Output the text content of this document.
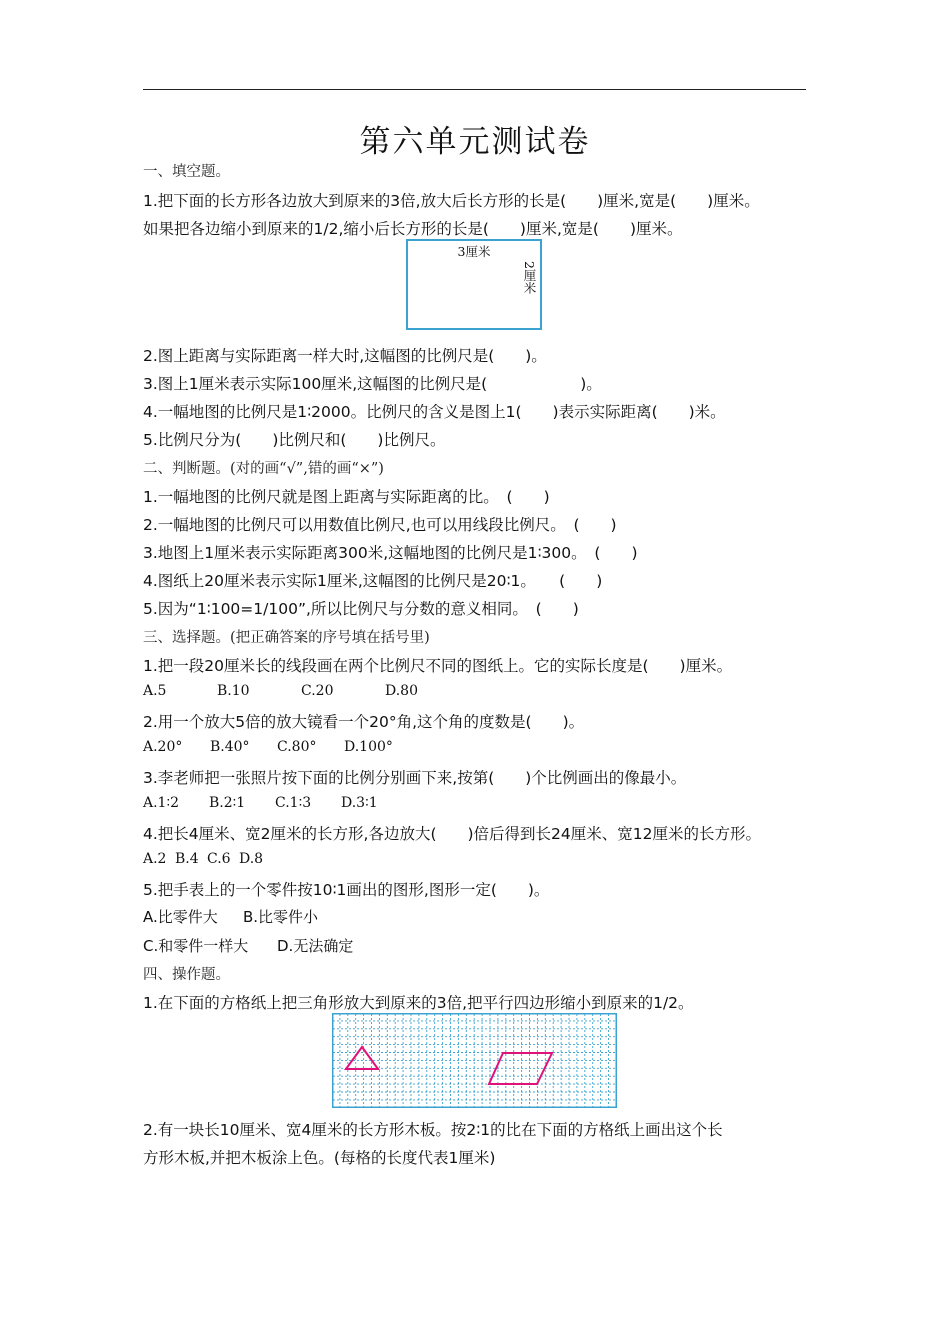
第六单元测试卷
一、填空题。
1.把下面的长方形各边放大到原来的3倍,放大后长方形的长是(　　)厘米,宽是(　　)厘米。
如果把各边缩小到原来的1/2,缩小后长方形的长是(　　)厘米,宽是(　　)厘米。
3厘米
2厘米
2.图上距离与实际距离一样大时,这幅图的比例尺是(　　)。
3.图上1厘米表示实际100厘米,这幅图的比例尺是(　　　　　　)。
4.一幅地图的比例尺是1∶2000。比例尺的含义是图上1(　　)表示实际距离(　　)米。
5.比例尺分为(　　)比例尺和(　　)比例尺。
二、判断题。(对的画“√”,错的画“×”)
1.一幅地图的比例尺就是图上距离与实际距离的比。　(　　)
2.一幅地图的比例尺可以用数值比例尺,也可以用线段比例尺。　(　　)
3.地图上1厘米表示实际距离300米,这幅地图的比例尺是1∶300。　(　　)
4.图纸上20厘米表示实际1厘米,这幅图的比例尺是20∶1。　　(　　)
5.因为“1∶100=1/100”,所以比例尺与分数的意义相同。　(　　)
三、选择题。(把正确答案的序号填在括号里)
1.把一段20厘米长的线段画在两个比例尺不同的图纸上。它的实际长度是(　　)厘米。
A.5	B.10	C.20	D.80
2.用一个放大5倍的放大镜看一个20°角,这个角的度数是(　　)。
A.20° B.40° C.80° D.100°
3.李老师把一张照片按下面的比例分别画下来,按第(　　)个比例画出的像最小。
A.1∶2 B.2∶1 C.1∶3 D.3∶1
4.把长4厘米、宽2厘米的长方形,各边放大(　　)倍后得到长24厘米、宽12厘米的长方形。
A.2 B.4 C.6 D.8
5.把手表上的一个零件按10∶1画出的图形,图形一定(　　)。
A.比零件大 B.比零件小
C.和零件一样大 D.无法确定
四、操作题。
1.在下面的方格纸上把三角形放大到原来的3倍,把平行四边形缩小到原来的1/2。
2.有一块长10厘米、宽4厘米的长方形木板。按2∶1的比在下面的方格纸上画出这个长
方形木板,并把木板涂上色。(每格的长度代表1厘米)
